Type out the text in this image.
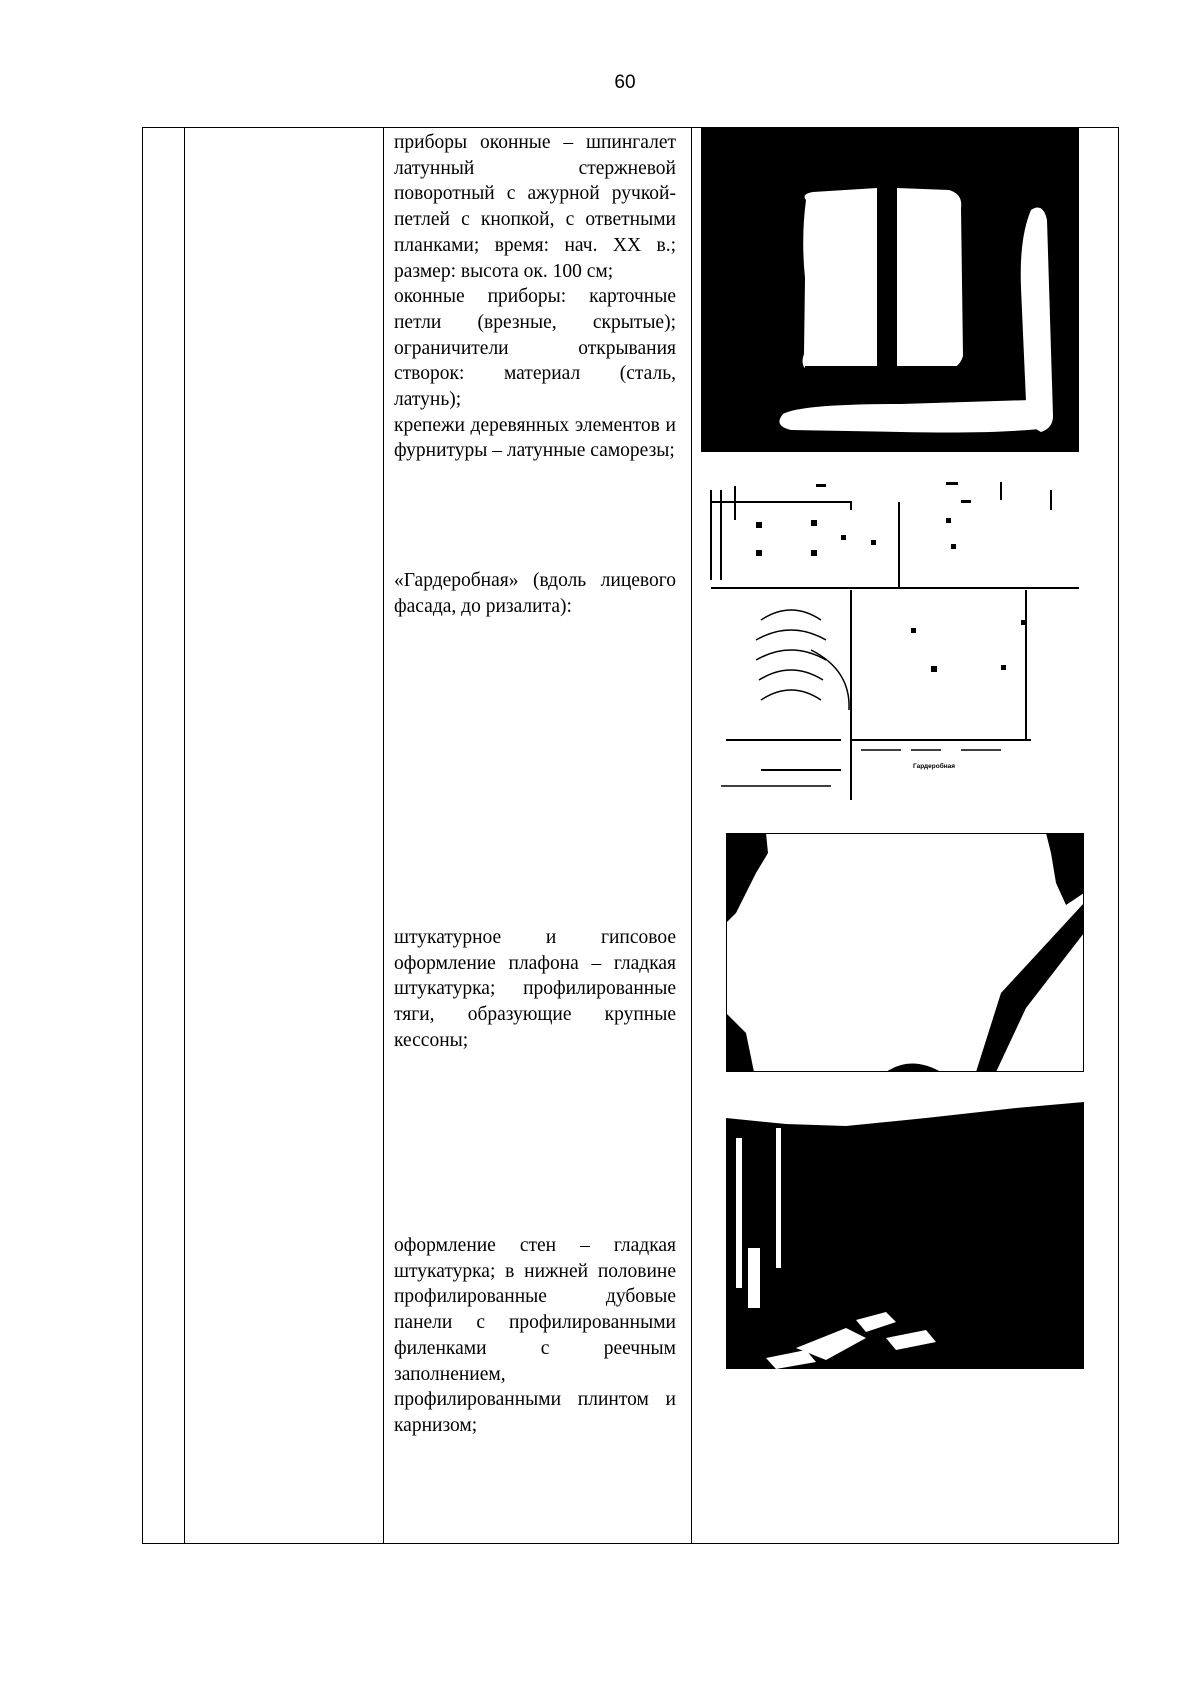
60

приборы оконные – шпингалет латунный стержневой поворотный с ажурной ручкой-петлей с кнопкой, с ответными планками; время: нач. XX в.; размер: высота ок. 100 см;

оконные приборы: карточные петли (врезные, скрытые); ограничители открывания створок: материал (сталь, латунь);

крепежи деревянных элементов и фурнитуры – латунные саморезы;

«Гардеробная» (вдоль лицевого фасада, до ризалита):

штукатурное и гипсовое оформление плафона – гладкая штукатурка; профилированные тяги, образующие крупные кессоны;

оформление стен – гладкая штукатурка; в нижней половине профилированные дубовые панели с профилированными филенками с реечным заполнением, профилированными плинтом и карнизом;

Гардеробная
